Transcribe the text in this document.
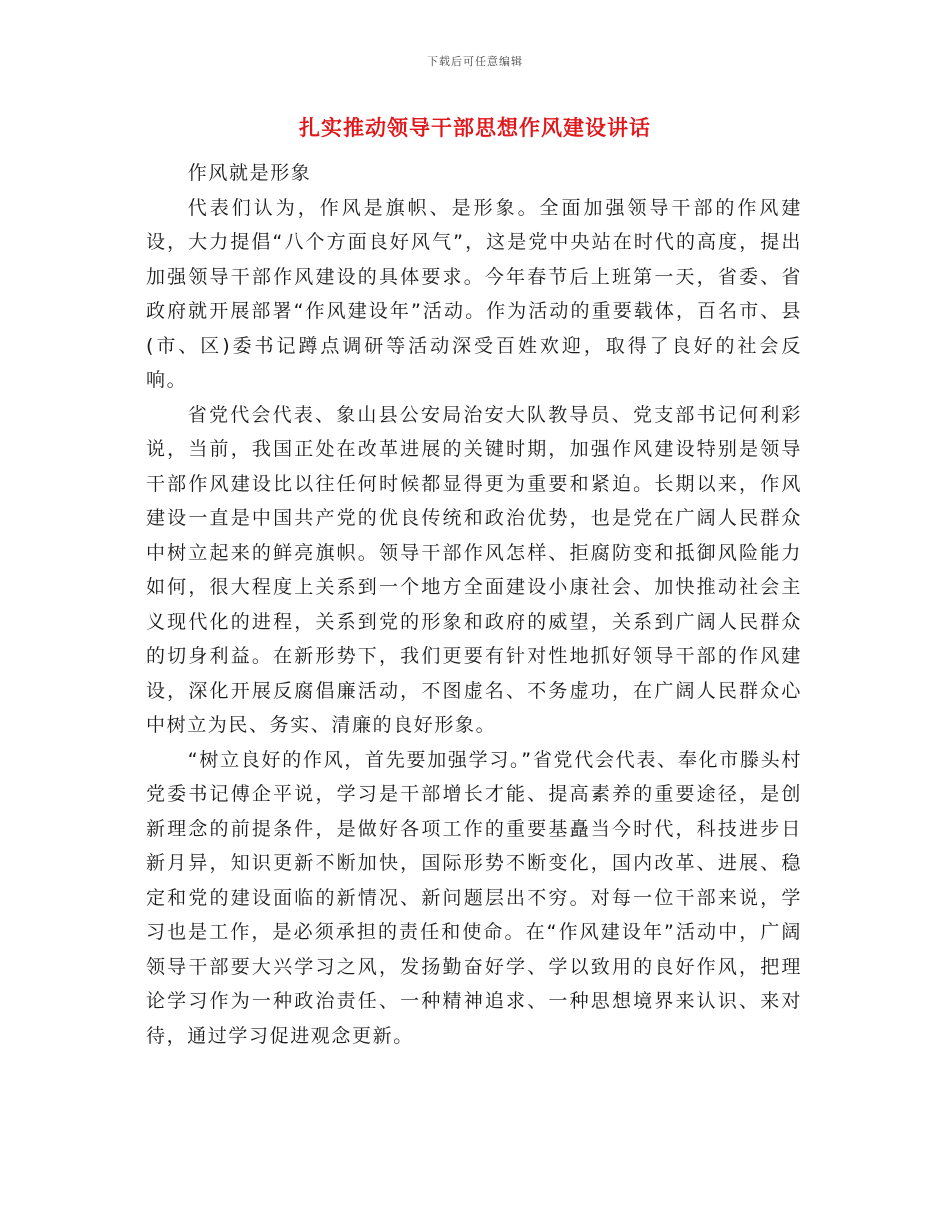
下载后可任意编辑
扎实推动领导干部思想作风建设讲话

作风就是形象

代表们认为，作风是旗帜、是形象。全面加强领导干部的作风建设，大力提倡“八个方面良好风气”，这是党中央站在时代的高度，提出加强领导干部作风建设的具体要求。今年春节后上班第一天，省委、省政府就开展部署“作风建设年”活动。作为活动的重要载体，百名市、县(市、区)委书记蹲点调研等活动深受百姓欢迎，取得了良好的社会反响。

省党代会代表、象山县公安局治安大队教导员、党支部书记何利彩说，当前，我国正处在改革进展的关键时期，加强作风建设特别是领导干部作风建设比以往任何时候都显得更为重要和紧迫。长期以来，作风建设一直是中国共产党的优良传统和政治优势，也是党在广阔人民群众中树立起来的鲜亮旗帜。领导干部作风怎样、拒腐防变和抵御风险能力如何，很大程度上关系到一个地方全面建设小康社会、加快推动社会主义现代化的进程，关系到党的形象和政府的威望，关系到广阔人民群众的切身利益。在新形势下，我们更要有针对性地抓好领导干部的作风建设，深化开展反腐倡廉活动，不图虚名、不务虚功，在广阔人民群众心中树立为民、务实、清廉的良好形象。

“树立良好的作风，首先要加强学习。”省党代会代表、奉化市滕头村党委书记傅企平说，学习是干部增长才能、提高素养的重要途径，是创新理念的前提条件，是做好各项工作的重要基矗当今时代，科技进步日新月异，知识更新不断加快，国际形势不断变化，国内改革、进展、稳定和党的建设面临的新情况、新问题层出不穷。对每一位干部来说，学习也是工作，是必须承担的责任和使命。在“作风建设年”活动中，广阔领导干部要大兴学习之风，发扬勤奋好学、学以致用的良好作风，把理论学习作为一种政治责任、一种精神追求、一种思想境界来认识、来对待，通过学习促进观念更新。
